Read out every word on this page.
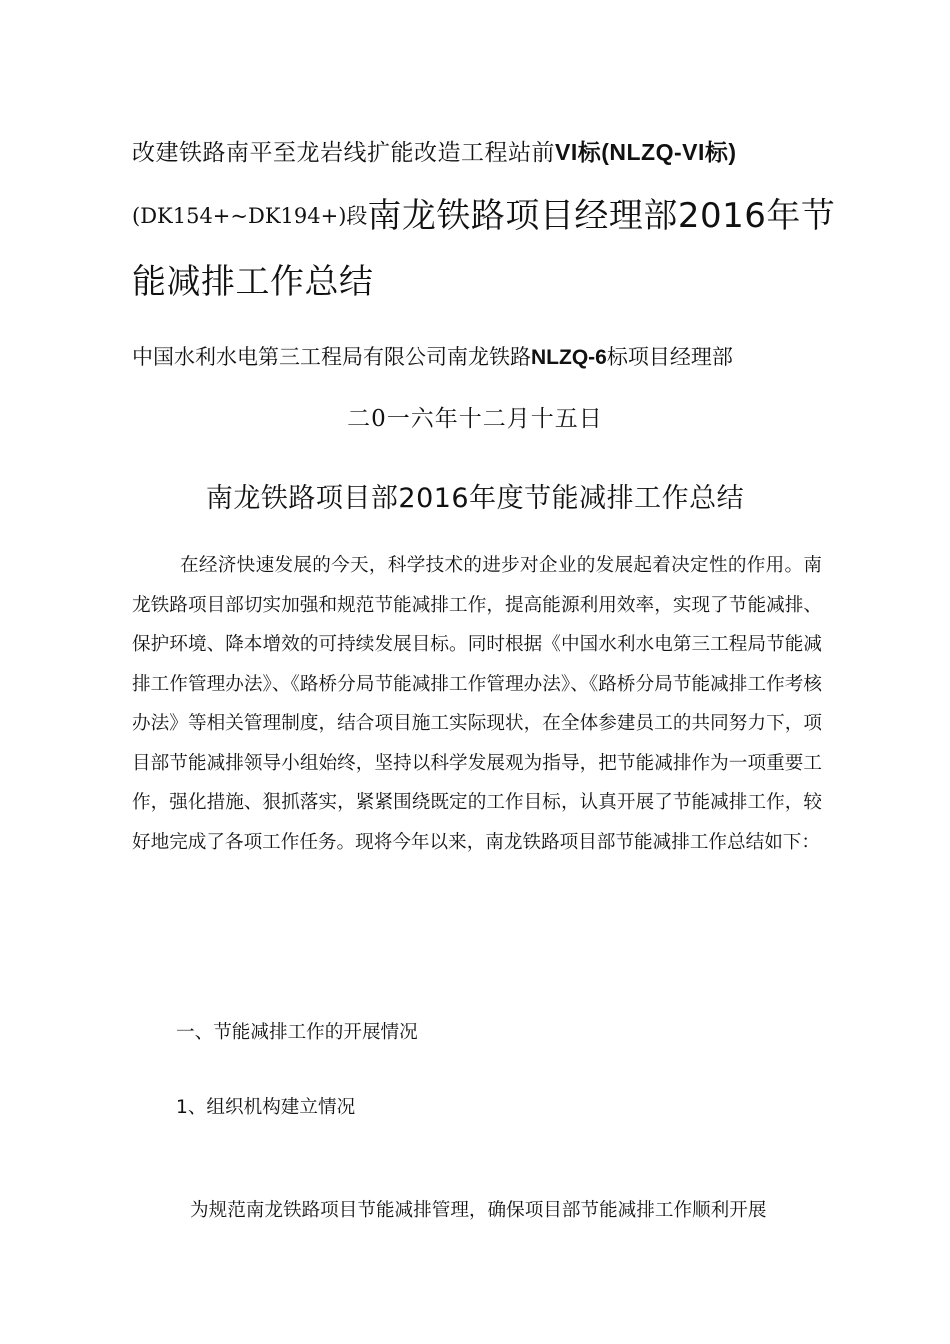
改建铁路南平至龙岩线扩能改造工程站前VI标(NLZQ-VI标)
(DK154+~DK194+)段南龙铁路项目经理部2016年节
能减排工作总结
中国水利水电第三工程局有限公司南龙铁路NLZQ-6标项目经理部
二0一六年十二月十五日
南龙铁路项目部2016年度节能减排工作总结
在经济快速发展的今天，科学技术的进步对企业的发展起着决定性的作用。南龙铁路项目部切实加强和规范节能减排工作，提高能源利用效率，实现了节能减排、保护环境、降本增效的可持续发展目标。同时根据《中国水利水电第三工程局节能减排工作管理办法》、《路桥分局节能减排工作管理办法》、《路桥分局节能减排工作考核办法》等相关管理制度，结合项目施工实际现状，在全体参建员工的共同努力下，项目部节能减排领导小组始终，坚持以科学发展观为指导，把节能减排作为一项重要工作，强化措施、狠抓落实，紧紧围绕既定的工作目标，认真开展了节能减排工作，较好地完成了各项工作任务。现将今年以来，南龙铁路项目部节能减排工作总结如下：
一、节能减排工作的开展情况
1、组织机构建立情况
为规范南龙铁路项目节能减排管理，确保项目部节能减排工作顺利开展
